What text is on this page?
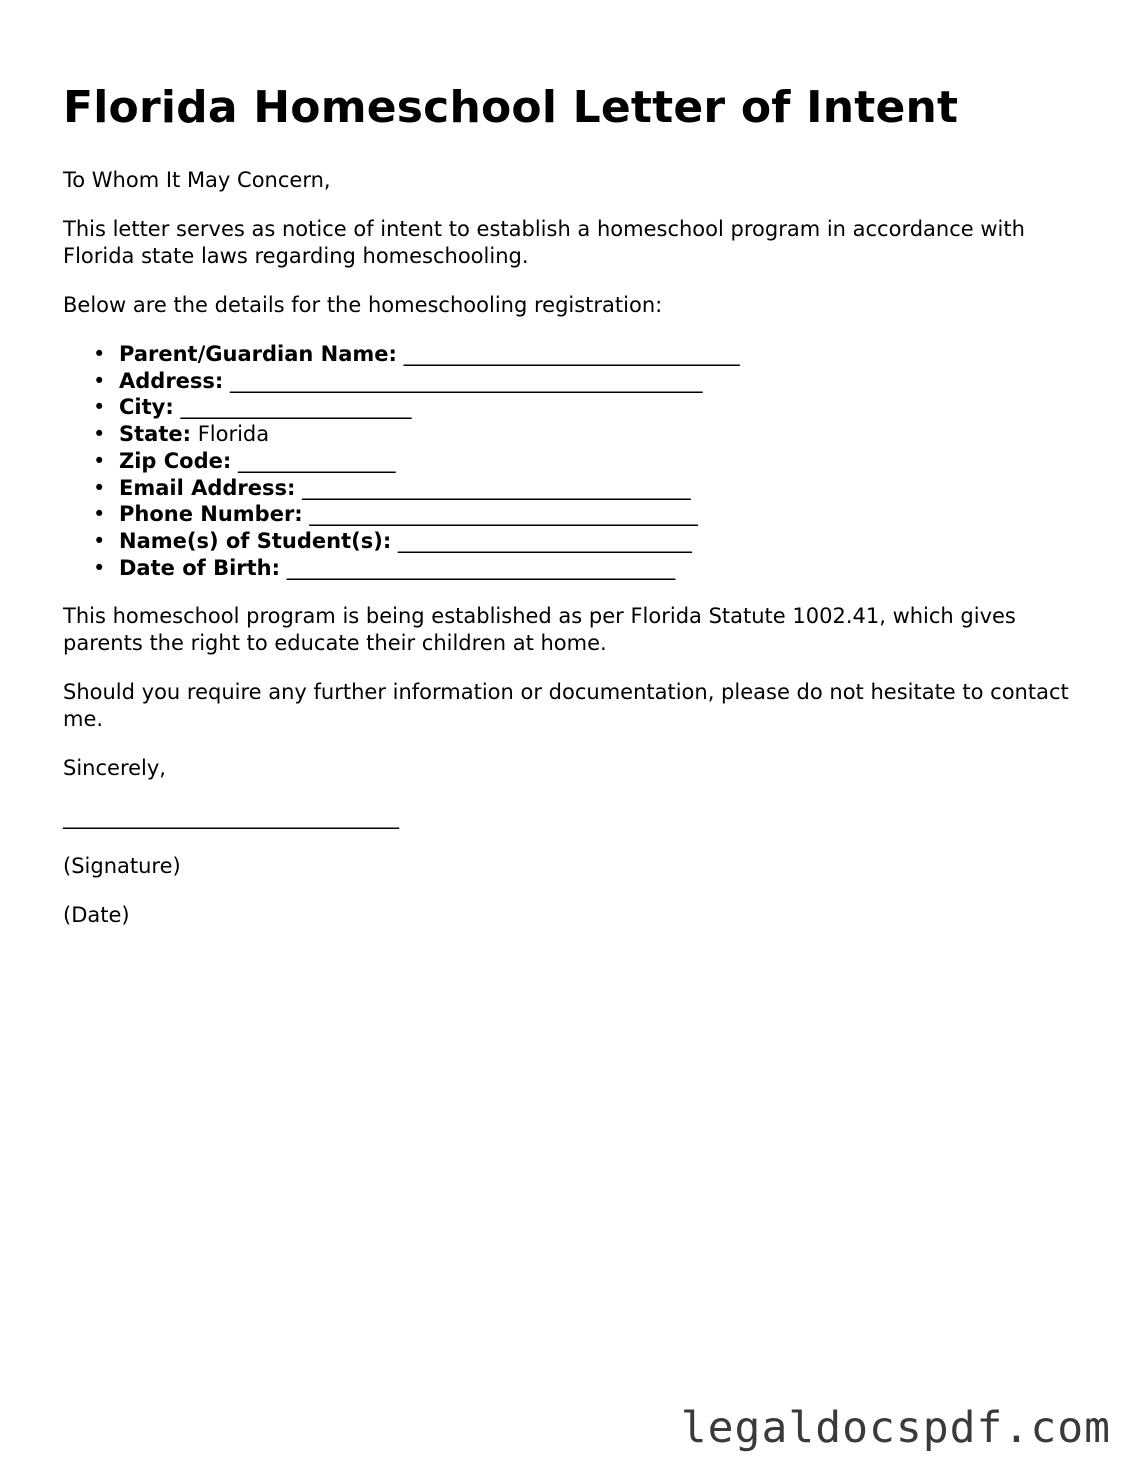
Florida Homeschool Letter of Intent

To Whom It May Concern,

This letter serves as notice of intent to establish a homeschool program in accordance with Florida state laws regarding homeschooling.

Below are the details for the homeschooling registration:

• Parent/Guardian Name: ________________________________
• Address: _____________________________________________
• City: ______________________
• State: Florida
• Zip Code: _______________
• Email Address: _____________________________________
• Phone Number: _____________________________________
• Name(s) of Student(s): ____________________________
• Date of Birth: _____________________________________

This homeschool program is being established as per Florida Statute 1002.41, which gives parents the right to educate their children at home.

Should you require any further information or documentation, please do not hesitate to contact me.

Sincerely,

________________________________

(Signature)

(Date)

legaldocspdf.com
